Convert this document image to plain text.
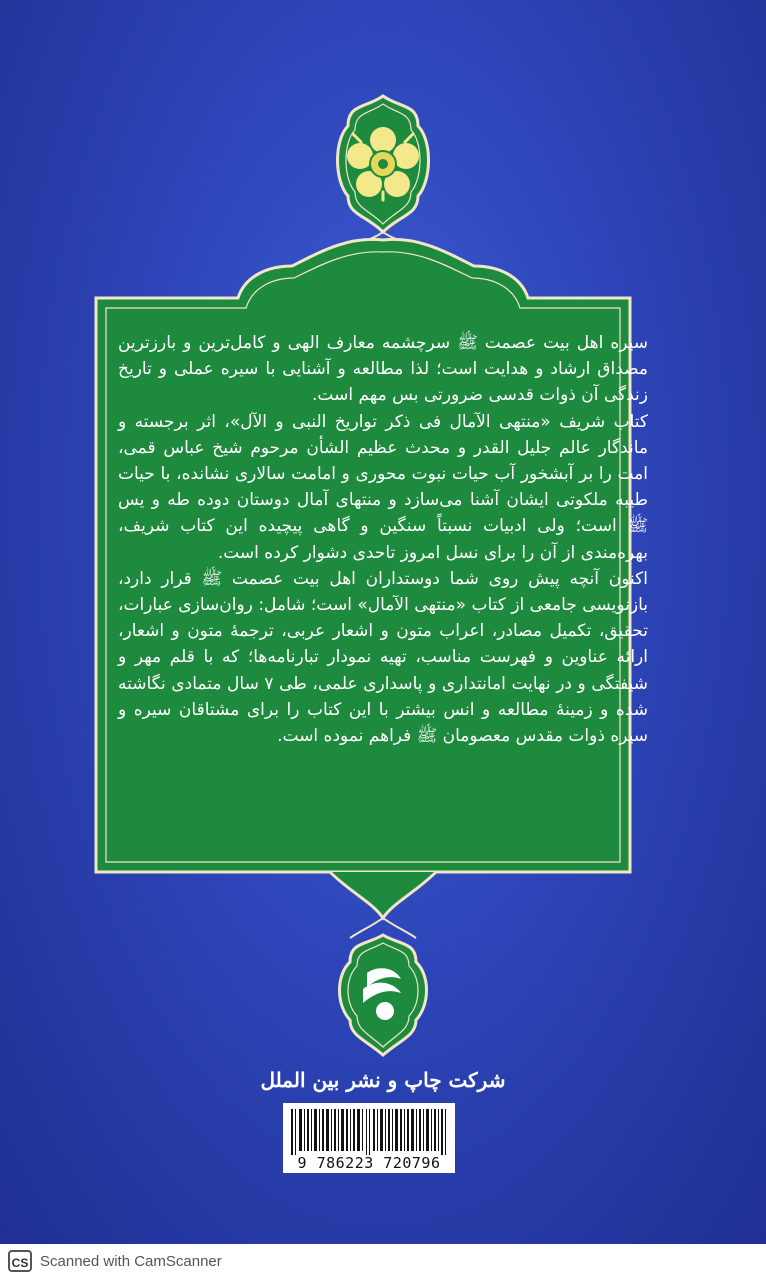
سیره اهل بیت عصمت ﷺ سرچشمه معارف الهی و کامل‌ترین و بارزترین مصداق ارشاد و هدایت است؛ لذا مطالعه و آشنایی با سیره عملی و تاریخ زندگی آن ذوات قدسی ضرورتی بس مهم است.

کتاب شریف «منتهی الآمال فی ذکر تواریخ النبی و الآل»، اثر برجسته و ماندگار عالم جلیل القدر و محدث عظیم الشأن مرحوم شیخ عباس قمی، امت را بر آبشخور آب حیات نبوت محوری و امامت سالاری نشانده، با حیات طیبه ملکوتی ایشان آشنا می‌سازد و منتهای آمال دوستان دوده طه و یس ﷺ است؛ ولی ادبیات نسبتاً سنگین و گاهی پیچیده این کتاب شریف، بهره‌مندی از آن را برای نسل امروز تاحدی دشوار کرده است.

اکنون آنچه پیش روی شما دوستداران اهل بیت عصمت ﷺ قرار دارد، بازنویسی جامعی از کتاب «منتهی الآمال» است؛ شامل: روان‌سازی عبارات، تحقیق، تکمیل مصادر، اعراب متون و اشعار عربی، ترجمهٔ متون و اشعار، ارائه عناوین و فهرست مناسب، تهیه نمودار تبارنامه‌ها؛ که با قلم مهر و شیفتگی و در نهایت امانتداری و پاسداری علمی، طی ۷ سال متمادی نگاشته شده و زمینهٔ مطالعه و انس بیشتر با این کتاب را برای مشتاقان سیره و سیره ذوات مقدس معصومان ﷺ فراهم نموده است.

شرکت چاپ و نشر بین الملل
9 786223 720796
CS Scanned with CamScanner
